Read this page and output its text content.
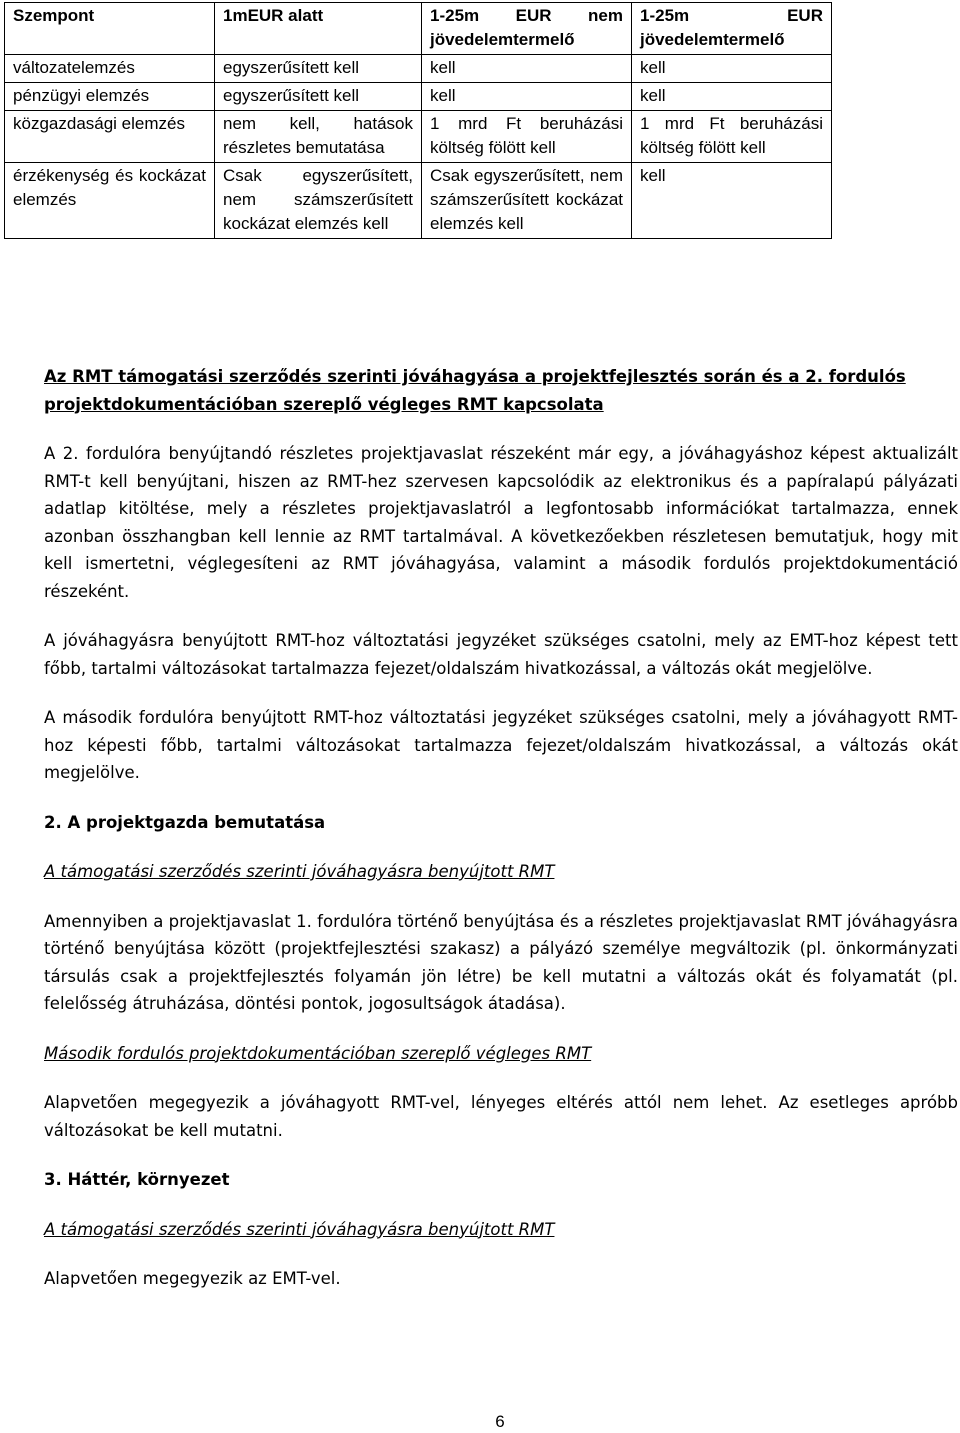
Szempont	1mEUR alatt	1-25m EUR nem jövedelemtermelő	1-25m EUR jövedelemtermelő
változatelemzés	egyszerűsített kell	kell	kell
pénzügyi elemzés	egyszerűsített kell	kell	kell
közgazdasági elemzés	nem kell, hatások részletes bemutatása	1 mrd Ft beruházási költség fölött kell	1 mrd Ft beruházási költség fölött kell
érzékenység és kockázat elemzés	Csak egyszerűsített, nem számszerűsített kockázat elemzés kell	Csak egyszerűsített, nem számszerűsített kockázat elemzés kell	kell

Az RMT támogatási szerződés szerinti jóváhagyása a projektfejlesztés során és a 2. fordulós projektdokumentációban szereplő végleges RMT kapcsolata

A 2. fordulóra benyújtandó részletes projektjavaslat részeként már egy, a jóváhagyáshoz képest aktualizált RMT-t kell benyújtani, hiszen az RMT-hez szervesen kapcsolódik az elektronikus és a papíralapú pályázati adatlap kitöltése, mely a részletes projektjavaslatról a legfontosabb információkat tartalmazza, ennek azonban összhangban kell lennie az RMT tartalmával. A következőekben részletesen bemutatjuk, hogy mit kell ismertetni, véglegesíteni az RMT jóváhagyása, valamint a második fordulós projektdokumentáció részeként.

A jóváhagyásra benyújtott RMT-hoz változtatási jegyzéket szükséges csatolni, mely az EMT-hoz képest tett főbb, tartalmi változásokat tartalmazza fejezet/oldalszám hivatkozással, a változás okát megjelölve.

A második fordulóra benyújtott RMT-hoz változtatási jegyzéket szükséges csatolni, mely a jóváhagyott RMT-hoz képesti főbb, tartalmi változásokat tartalmazza fejezet/oldalszám hivatkozással, a változás okát megjelölve.

2. A projektgazda bemutatása

A támogatási szerződés szerinti jóváhagyásra benyújtott RMT

Amennyiben a projektjavaslat 1. fordulóra történő benyújtása és a részletes projektjavaslat RMT jóváhagyásra történő benyújtása között (projektfejlesztési szakasz) a pályázó személye megváltozik (pl. önkormányzati társulás csak a projektfejlesztés folyamán jön létre) be kell mutatni a változás okát és folyamatát (pl. felelősség átruházása, döntési pontok, jogosultságok átadása).

Második fordulós projektdokumentációban szereplő végleges RMT

Alapvetően megegyezik a jóváhagyott RMT-vel, lényeges eltérés attól nem lehet. Az esetleges apróbb változásokat be kell mutatni.

3. Háttér, környezet

A támogatási szerződés szerinti jóváhagyásra benyújtott RMT

Alapvetően megegyezik az EMT-vel.

6
